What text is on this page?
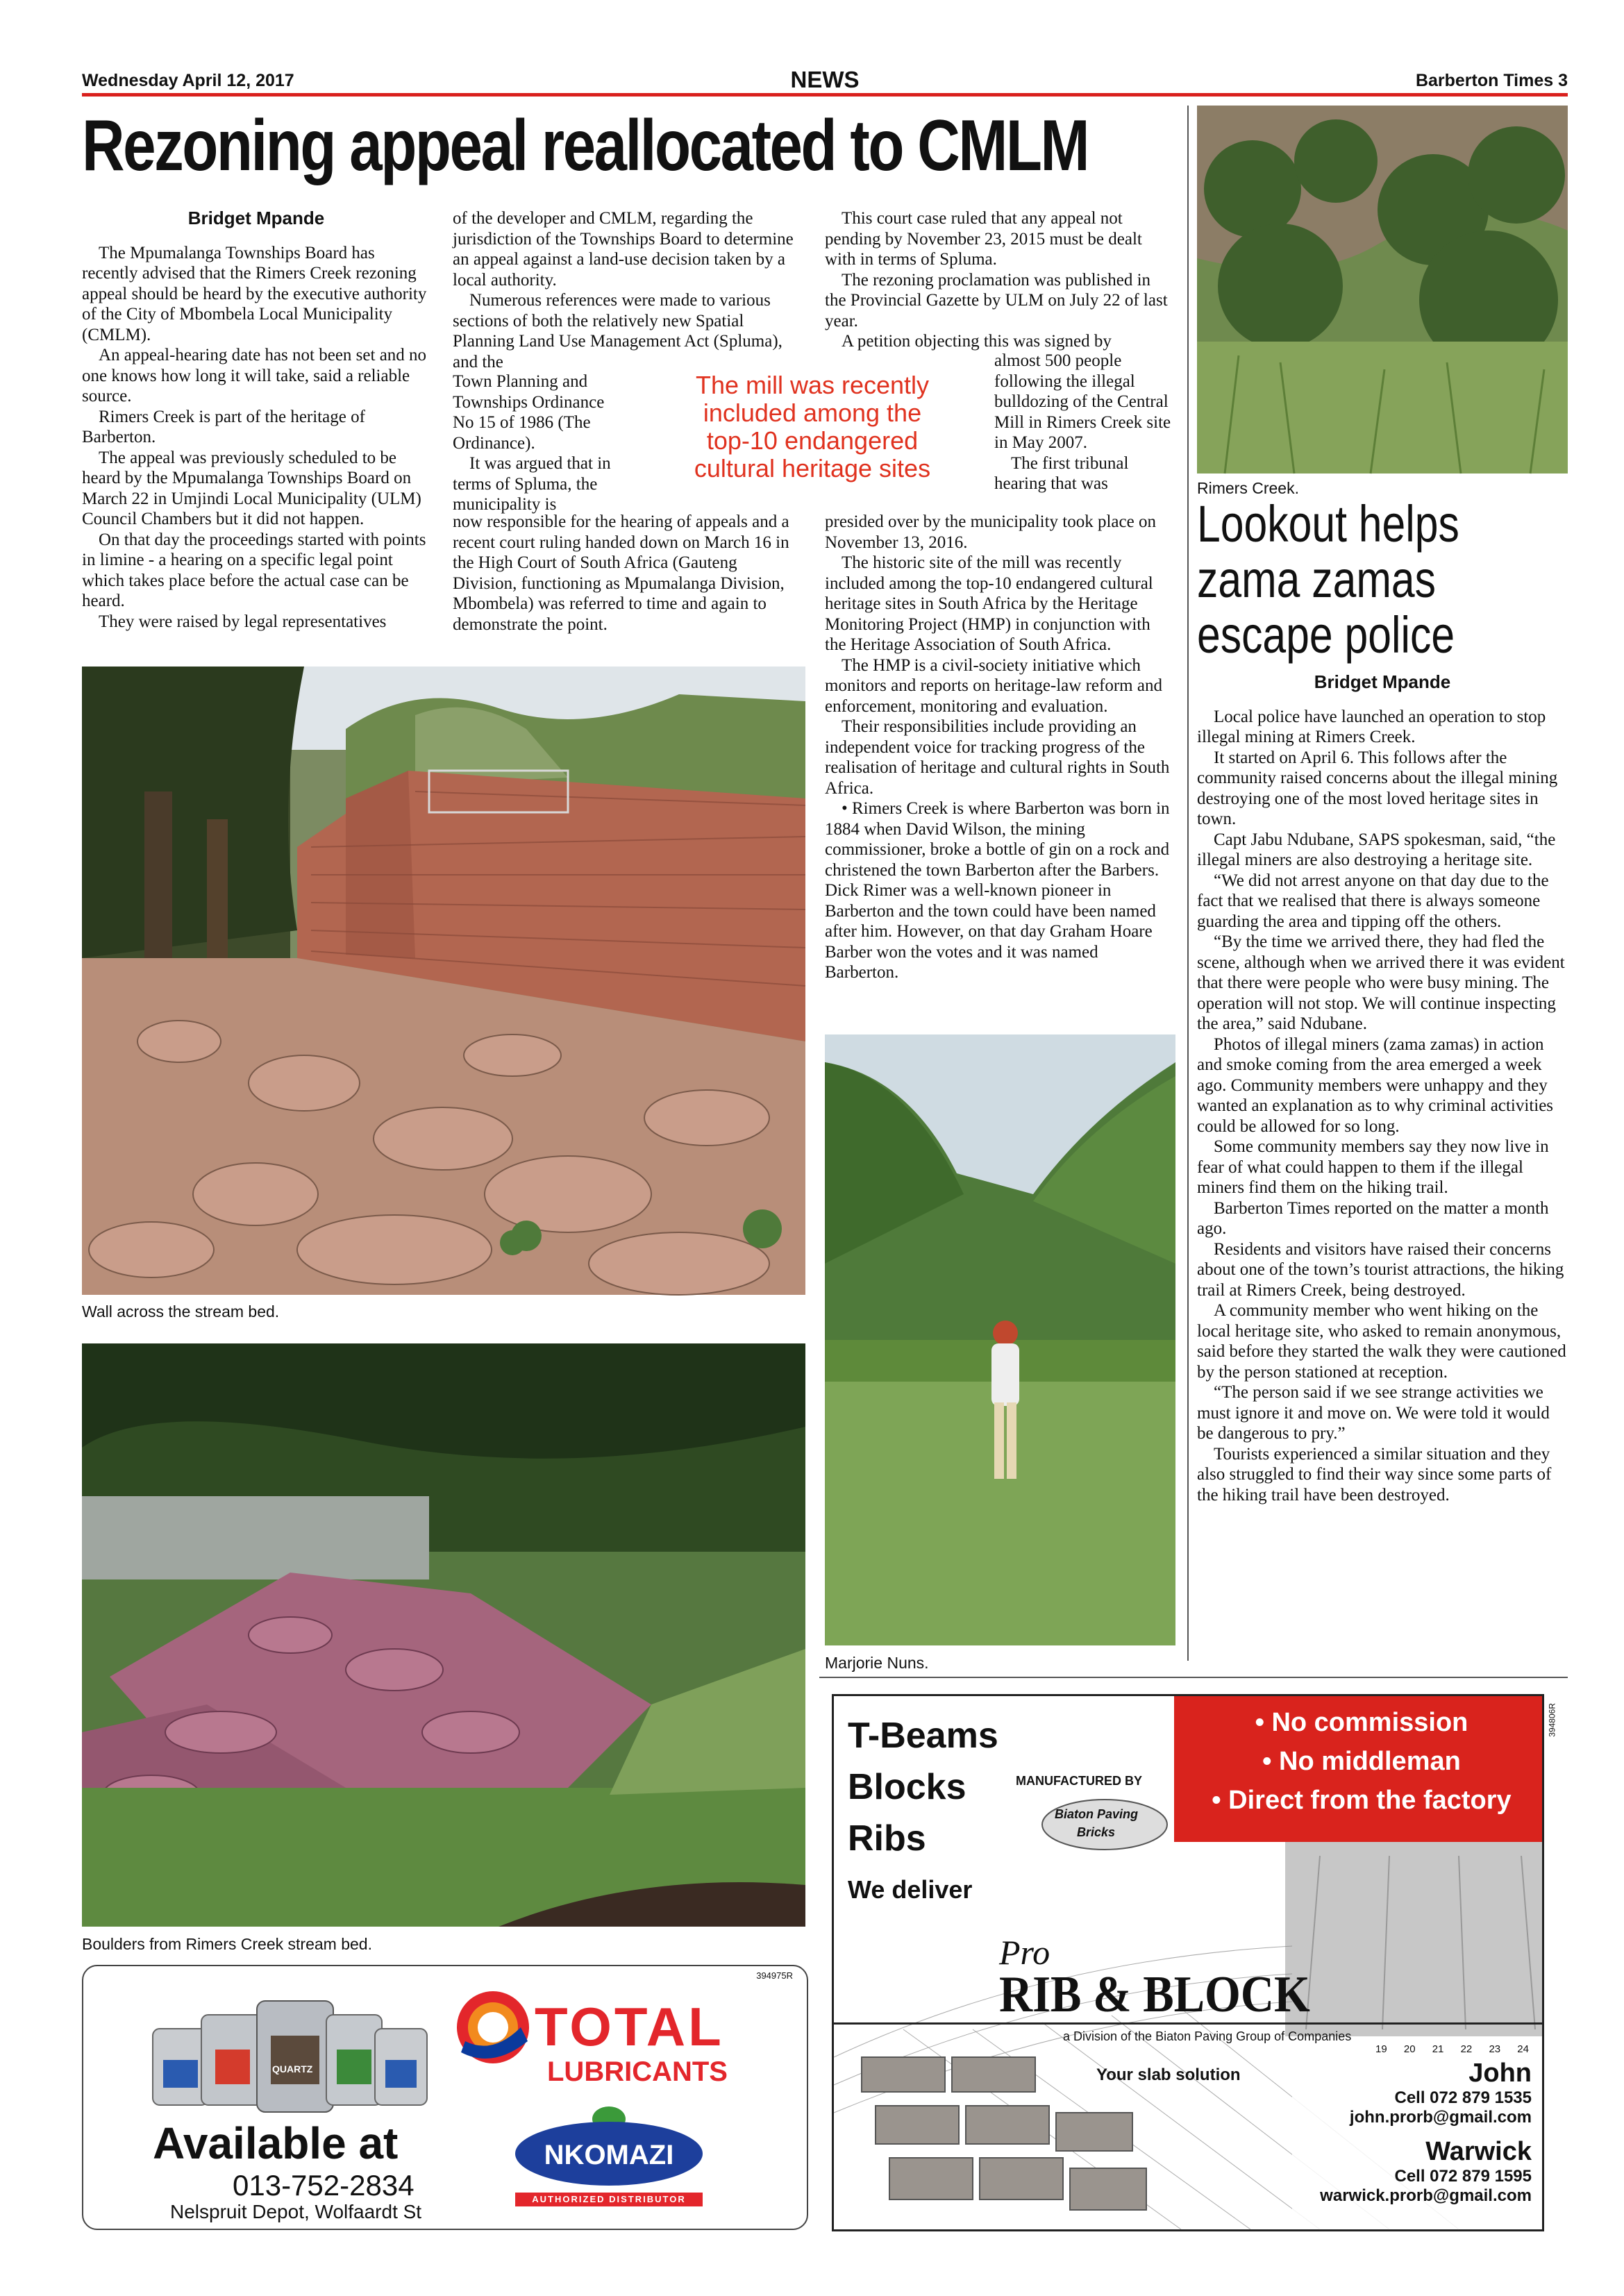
Wednesday April 12, 2017	NEWS	Barberton Times 3
Rezoning appeal reallocated to CMLM
Bridget Mpande

The Mpumalanga Townships Board has recently advised that the Rimers Creek rezoning appeal should be heard by the executive authority of the City of Mbombela Local Municipality (CMLM).

An appeal-hearing date has not been set and no one knows how long it will take, said a reliable source.

Rimers Creek is part of the heritage of Barberton.

The appeal was previously scheduled to be heard by the Mpumalanga Townships Board on March 22 in Umjindi Local Municipality (ULM) Council Chambers but it did not happen.

On that day the proceedings started with points in limine - a hearing on a specific legal point which takes place before the actual case can be heard.

They were raised by legal representatives

of the developer and CMLM, regarding the jurisdiction of the Townships Board to determine an appeal against a land-use decision taken by a local authority.

Numerous references were made to various sections of both the relatively new Spatial Planning Land Use Management Act (Spluma), and the

Town Planning and Townships Ordinance No 15 of 1986 (The Ordinance).

It was argued that in terms of Spluma, the municipality is

now responsible for the hearing of appeals and a recent court ruling handed down on March 16 in the High Court of South Africa (Gauteng Division, functioning as Mpumalanga Division, Mbombela) was referred to time and again to demonstrate the point.

The mill was recently
included among the
top-10 endangered
cultural heritage sites

This court case ruled that any appeal not pending by November 23, 2015 must be dealt with in terms of Spluma.

The rezoning proclamation was published in the Provincial Gazette by ULM on July 22 of last year.

A petition objecting this was signed by

almost 500 people following the illegal bulldozing of the Central Mill in Rimers Creek site in May 2007.

The first tribunal hearing that was

presided over by the municipality took place on November 13, 2016.

The historic site of the mill was recently included among the top-10 endangered cultural heritage sites in South Africa by the Heritage Monitoring Project (HMP) in conjunction with the Heritage Association of South Africa.

The HMP is a civil-society initiative which monitors and reports on heritage-law reform and enforcement, monitoring and evaluation.

Their responsibilities include providing an independent voice for tracking progress of the realisation of heritage and cultural rights in South Africa.

• Rimers Creek is where Barberton was born in 1884 when David Wilson, the mining commissioner, broke a bottle of gin on a rock and christened the town Barberton after the Barbers. Dick Rimer was a well-known pioneer in Barberton and the town could have been named after him. However, on that day Graham Hoare Barber won the votes and it was named Barberton.

Wall across the stream bed.
Boulders from Rimers Creek stream bed.
394975R
QUARTZ
TOTAL
LUBRICANTS
Available at
013-752-2834
Nelspruit Depot, Wolfaardt St
NKOMAZI
AUTHORIZED DISTRIBUTOR
Marjorie Nuns.
Rimers Creek.
Lookout helps
zama zamas
escape police
Bridget Mpande

Local police have launched an operation to stop illegal mining at Rimers Creek.

It started on April 6. This follows after the community raised concerns about the illegal mining destroying one of the most loved heritage sites in town.

Capt Jabu Ndubane, SAPS spokesman, said, “the illegal miners are also destroying a heritage site.

“We did not arrest anyone on that day due to the fact that we realised that there is always someone guarding the area and tipping off the others.

“By the time we arrived there, they had fled the scene, although when we arrived there it was evident that there were people who were busy mining. The operation will not stop. We will continue inspecting the area,” said Ndubane.

Photos of illegal miners (zama zamas) in action and smoke coming from the area emerged a week ago. Community members were unhappy and they wanted an explanation as to why criminal activities could be allowed for so long.

Some community members say they now live in fear of what could happen to them if the illegal miners find them on the hiking trail.

Barberton Times reported on the matter a month ago.

Residents and visitors have raised their concerns about one of the town’s tourist attractions, the hiking trail at Rimers Creek, being destroyed.

A community member who went hiking on the local heritage site, who asked to remain anonymous, said before they started the walk they were cautioned by the person stationed at reception.

“The person said if we see strange activities we must ignore it and move on. We were told it would be dangerous to pry.”

Tourists experienced a similar situation and they also struggled to find their way since some parts of the hiking trail have been destroyed.

394806R
T-Beams
Blocks
Ribs
We deliver
MANUFACTURED BY
Biaton Paving
Bricks
• No commission
• No middleman
• Direct from the factory
Pro
RIB & BLOCK
a Division of the Biaton Paving Group of Companies
19 20 21 22 23 24
Your slab solution	John
Cell 072 879 1535
john.prorb@gmail.com
Warwick
Cell 072 879 1595
warwick.prorb@gmail.com
